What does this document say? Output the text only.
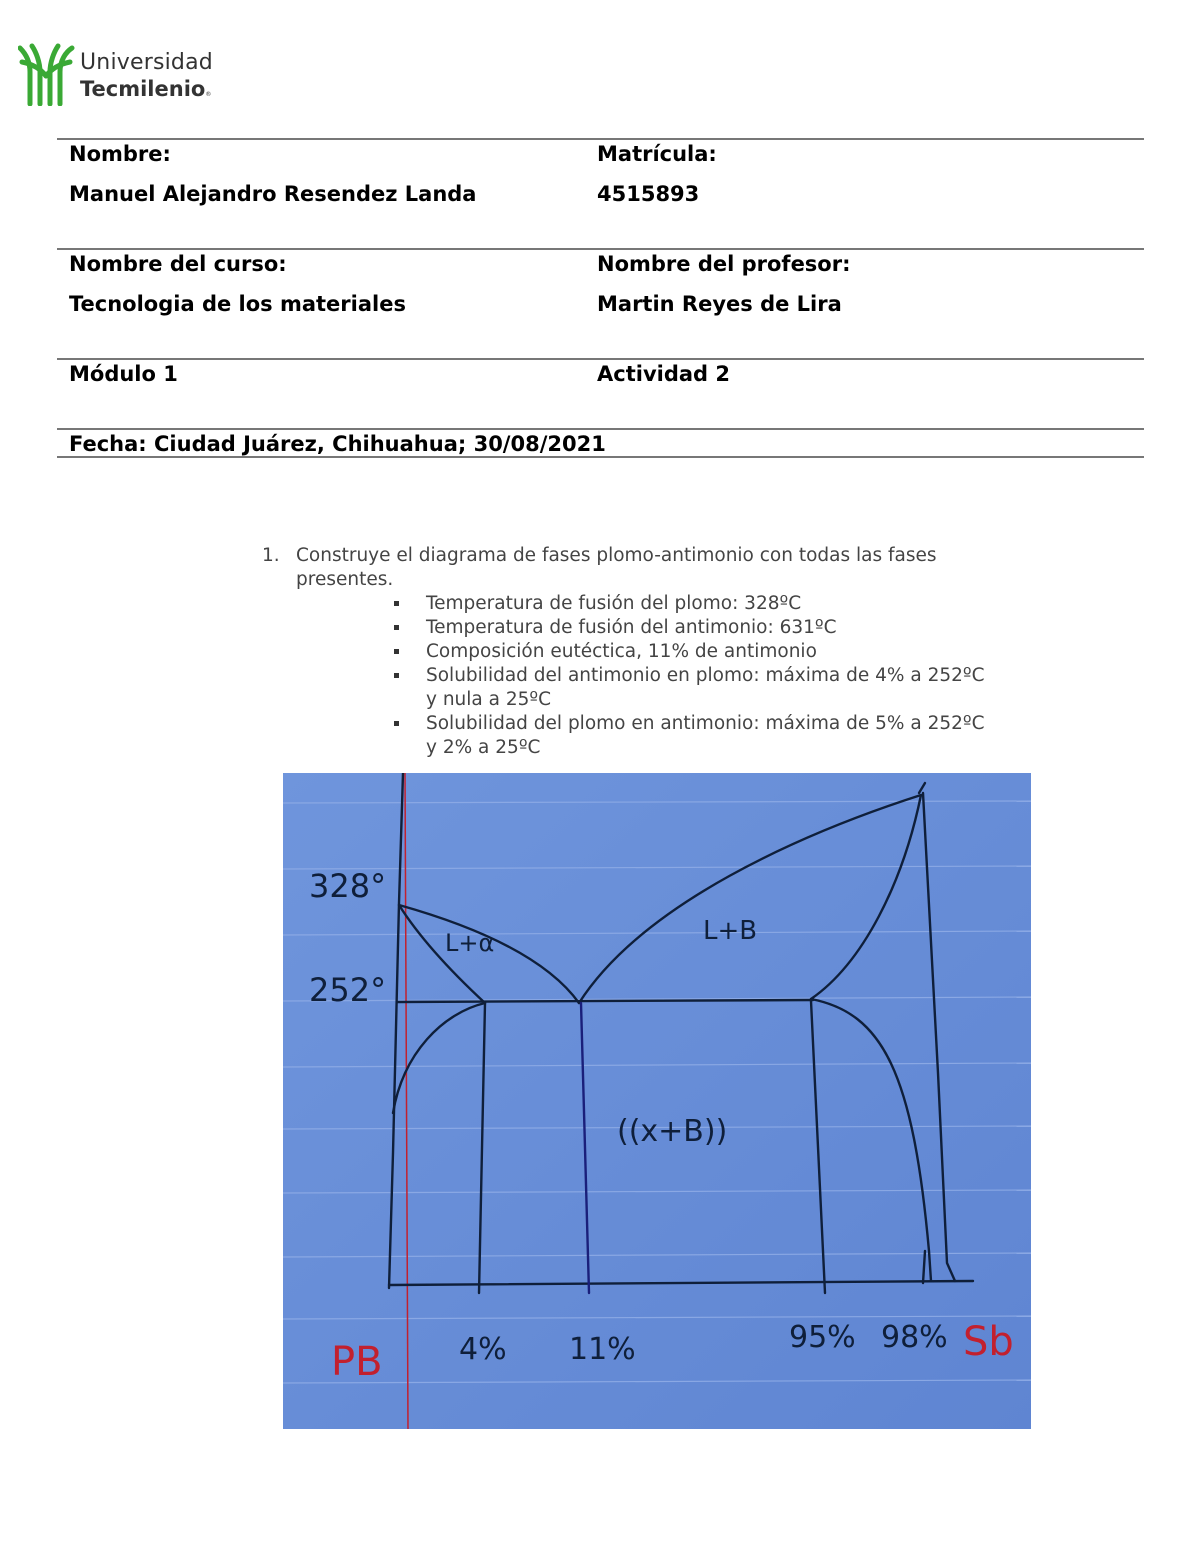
Universidad
Tecmilenio®
Nombre:	Matrícula:
Manuel Alejandro Resendez Landa	4515893
Nombre del curso:	Nombre del profesor:
Tecnologia de los materiales	Martin Reyes de Lira
Módulo 1	Actividad 2
Fecha: Ciudad Juárez, Chihuahua; 30/08/2021
1. Construye el diagrama de fases plomo-antimonio con todas las fases presentes.
Temperatura de fusión del plomo: 328ºC
Temperatura de fusión del antimonio: 631ºC
Composición eutéctica, 11% de antimonio
Solubilidad del antimonio en plomo: máxima de 4% a 252ºC y nula a 25ºC
Solubilidad del plomo en antimonio: máxima de 5% a 252ºC y 2% a 25ºC
328°
252°
L+α	L+B
((x+B))
4% 11%	95% 98%
PB	Sb
